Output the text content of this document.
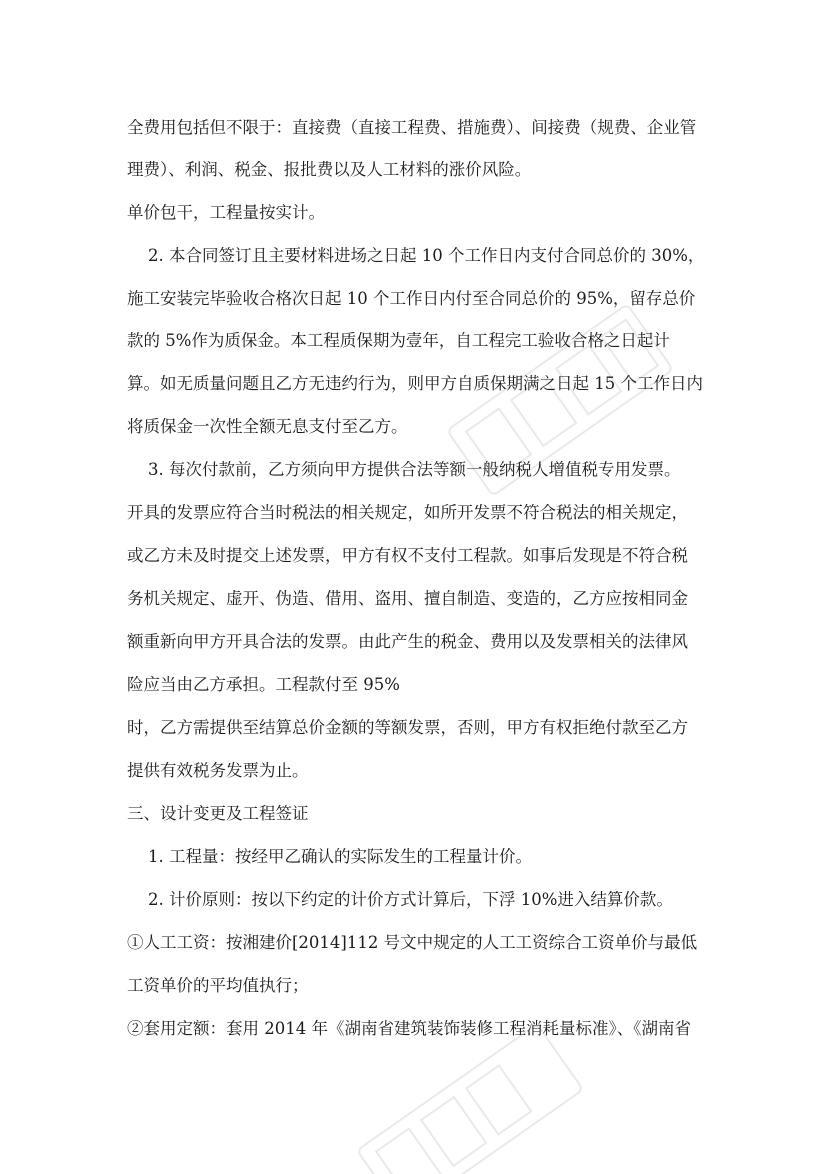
全费用包括但不限于：直接费（直接工程费、措施费）、间接费（规费、企业管
理费）、利润、税金、报批费以及人工材料的涨价风险。
单价包干，工程量按实计。
2. 本合同签订且主要材料进场之日起 10 个工作日内支付合同总价的 30%，
施工安装完毕验收合格次日起 10 个工作日内付至合同总价的 95%，留存总价
款的 5%作为质保金。本工程质保期为壹年，自工程完工验收合格之日起计
算。如无质量问题且乙方无违约行为，则甲方自质保期满之日起 15 个工作日内
将质保金一次性全额无息支付至乙方。
3. 每次付款前，乙方须向甲方提供合法等额一般纳税人增值税专用发票。
开具的发票应符合当时税法的相关规定，如所开发票不符合税法的相关规定，
或乙方未及时提交上述发票，甲方有权不支付工程款。如事后发现是不符合税
务机关规定、虚开、伪造、借用、盗用、擅自制造、变造的，乙方应按相同金
额重新向甲方开具合法的发票。由此产生的税金、费用以及发票相关的法律风
险应当由乙方承担。工程款付至 95%
时，乙方需提供至结算总价金额的等额发票，否则，甲方有权拒绝付款至乙方
提供有效税务发票为止。
三、设计变更及工程签证
1. 工程量：按经甲乙确认的实际发生的工程量计价。
2. 计价原则：按以下约定的计价方式计算后，下浮 10%进入结算价款。
①人工工资：按湘建价[2014]112 号文中规定的人工工资综合工资单价与最低
工资单价的平均值执行；
②套用定额：套用 2014 年《湖南省建筑装饰装修工程消耗量标准》、《湖南省
